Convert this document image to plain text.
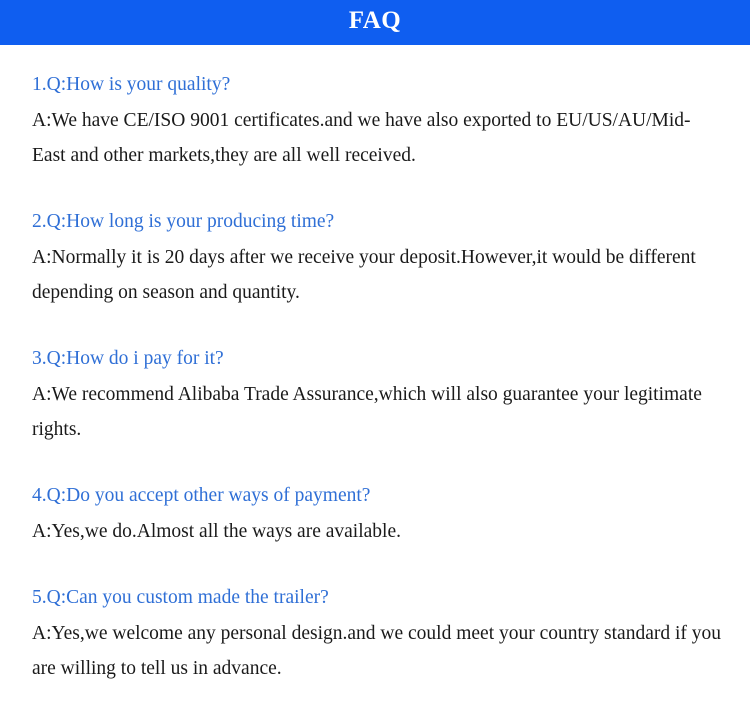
FAQ
1.Q:How is your quality?
A:We have CE/ISO 9001 certificates.and we have also exported to EU/US/AU/Mid-East and other markets,they are all well received.
2.Q:How long is your producing time?
A:Normally it is 20 days after we receive your deposit.However,it would be different depending on season and quantity.
3.Q:How do i pay for it?
A:We recommend Alibaba Trade Assurance,which will also guarantee your legitimate rights.
4.Q:Do you accept other ways of payment?
A:Yes,we do.Almost all the ways are available.
5.Q:Can you custom made the trailer?
A:Yes,we welcome any personal design.and we could meet your country standard if you are willing to tell us in advance.
